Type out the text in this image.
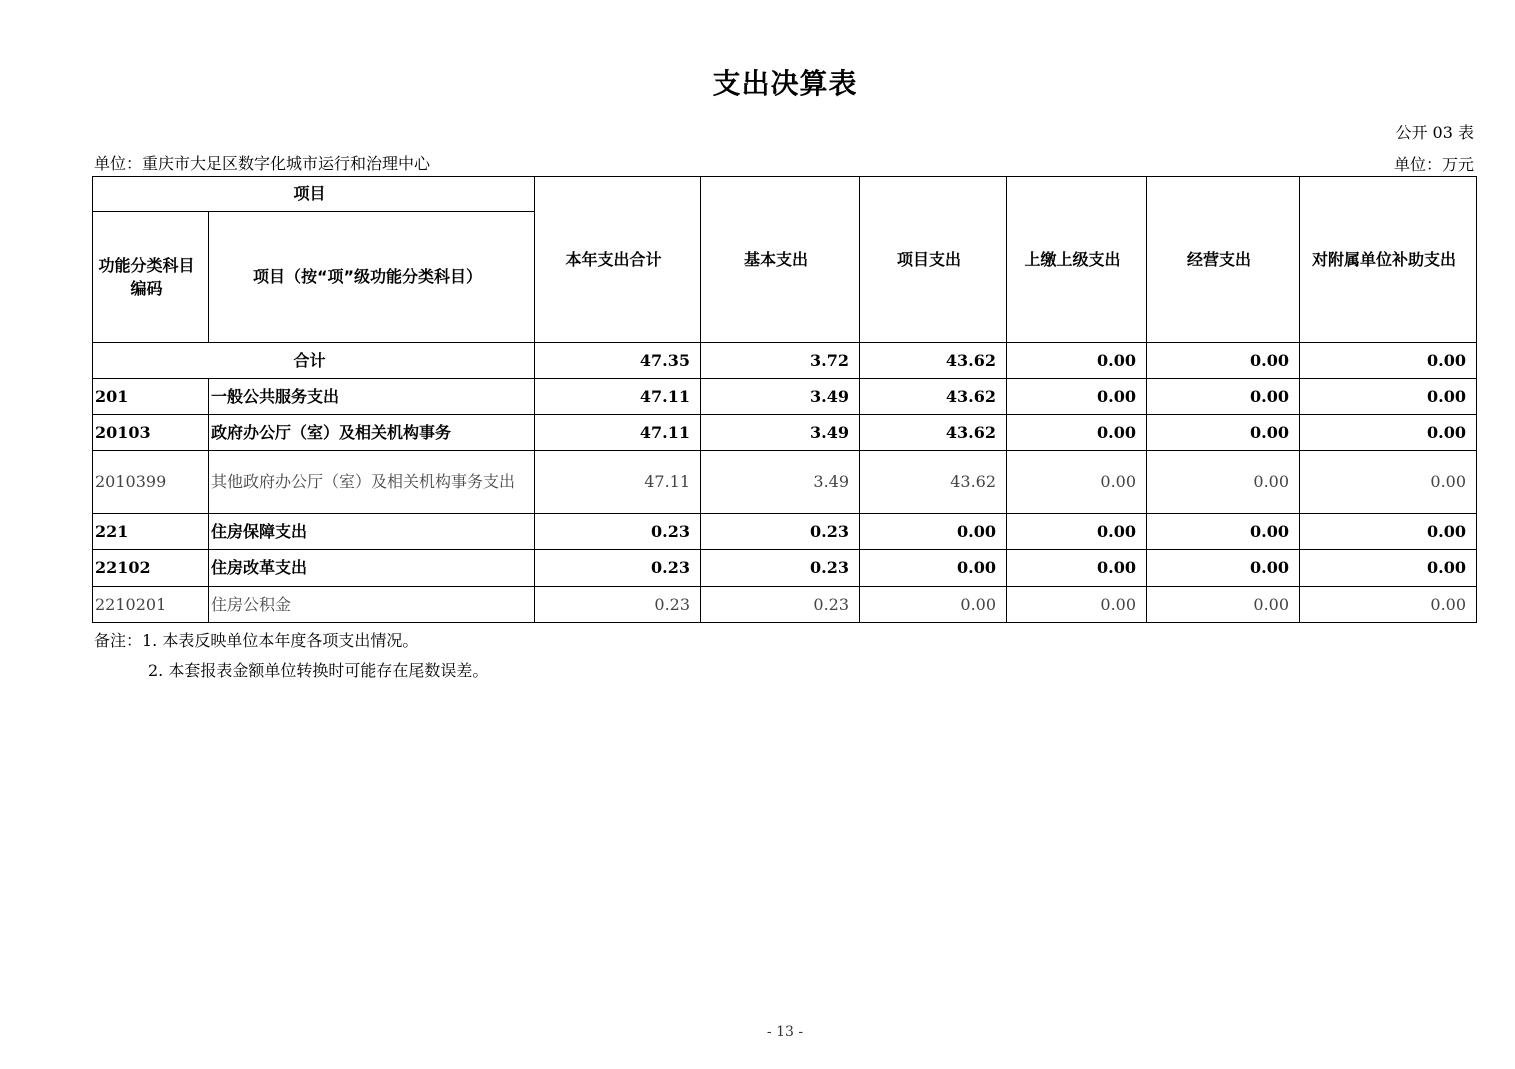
支出决算表
公开 03 表
单位：重庆市大足区数字化城市运行和治理中心	单位：万元
项目		本年支出合计	基本支出	项目支出	上缴上级支出	经营支出	对附属单位补助支出
功能分类科目编码	项目（按“项”级功能分类科目）						
合计		47.35	3.72	43.62	0.00	0.00	0.00
201	一般公共服务支出	47.11	3.49	43.62	0.00	0.00	0.00
20103	政府办公厅（室）及相关机构事务	47.11	3.49	43.62	0.00	0.00	0.00
2010399	其他政府办公厅（室）及相关机构事务支出	47.11	3.49	43.62	0.00	0.00	0.00
221	住房保障支出	0.23	0.23	0.00	0.00	0.00	0.00
22102	住房改革支出	0.23	0.23	0.00	0.00	0.00	0.00
2210201	住房公积金	0.23	0.23	0.00	0.00	0.00	0.00
备注：1. 本表反映单位本年度各项支出情况。
2. 本套报表金额单位转换时可能存在尾数误差。
- 13 -
